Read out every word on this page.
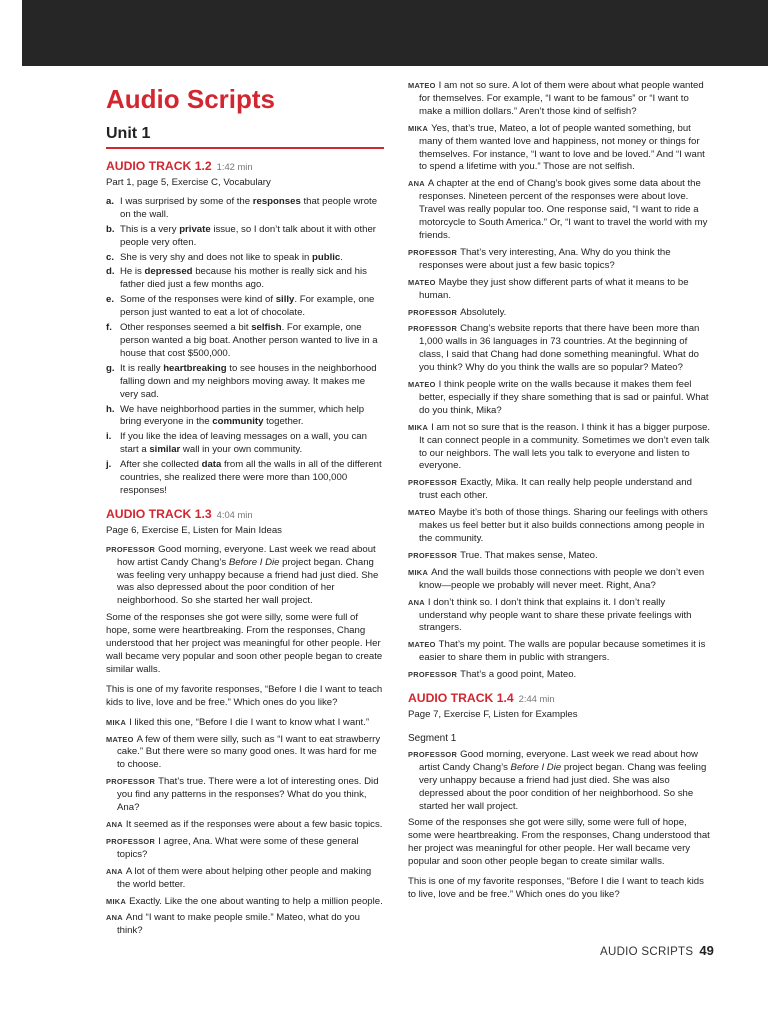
Audio Scripts
Unit 1
AUDIO TRACK 1.2 1:42 min
Part 1, page 5, Exercise C, Vocabulary
a. I was surprised by some of the responses that people wrote on the wall.
b. This is a very private issue, so I don’t talk about it with other people very often.
c. She is very shy and does not like to speak in public.
d. He is depressed because his mother is really sick and his father died just a few months ago.
e. Some of the responses were kind of silly. For example, one person just wanted to eat a lot of chocolate.
f. Other responses seemed a bit selfish. For example, one person wanted a big boat. Another person wanted to live in a house that cost $500,000.
g. It is really heartbreaking to see houses in the neighborhood falling down and my neighbors moving away. It makes me very sad.
h. We have neighborhood parties in the summer, which help bring everyone in the community together.
i. If you like the idea of leaving messages on a wall, you can start a similar wall in your own community.
j. After she collected data from all the walls in all of the different countries, she realized there were more than 100,000 responses!
AUDIO TRACK 1.3 4:04 min
Page 6, Exercise E, Listen for Main Ideas
PROFESSOR Good morning, everyone. Last week we read about how artist Candy Chang’s Before I Die project began. Chang was feeling very unhappy because a friend had just died. She was also depressed about the poor condition of her neighborhood. So she started her wall project.
Some of the responses she got were silly, some were full of hope, some were heartbreaking. From the responses, Chang understood that her project was meaningful for other people. Her wall became very popular and soon other people began to create similar walls.
This is one of my favorite responses, “Before I die I want to teach kids to live, love and be free.” Which ones do you like?
MIKA I liked this one, “Before I die I want to know what I want.”
MATEO A few of them were silly, such as “I want to eat strawberry cake.” But there were so many good ones. It was hard for me to choose.
PROFESSOR That’s true. There were a lot of interesting ones. Did you find any patterns in the responses? What do you think, Ana?
ANA It seemed as if the responses were about a few basic topics.
PROFESSOR I agree, Ana. What were some of these general topics?
ANA A lot of them were about helping other people and making the world better.
MIKA Exactly. Like the one about wanting to help a million people.
ANA And “I want to make people smile.” Mateo, what do you think?
MATEO I am not so sure. A lot of them were about what people wanted for themselves. For example, “I want to be famous” or “I want to make a million dollars.” Aren’t those kind of selfish?
MIKA Yes, that’s true, Mateo, a lot of people wanted something, but many of them wanted love and happiness, not money or things for themselves. For instance, “I want to love and be loved.” And “I want to spend a lifetime with you.” Those are not selfish.
ANA A chapter at the end of Chang’s book gives some data about the responses. Nineteen percent of the responses were about love. Travel was really popular too. One response said, “I want to ride a motorcycle to South America.” Or, “I want to travel the world with my friends.
PROFESSOR That’s very interesting, Ana. Why do you think the responses were about just a few basic topics?
MATEO Maybe they just show different parts of what it means to be human.
PROFESSOR Absolutely.
PROFESSOR Chang’s website reports that there have been more than 1,000 walls in 36 languages in 73 countries. At the beginning of class, I said that Chang had done something meaningful. What do you think? Why do you think the walls are so popular? Mateo?
MATEO I think people write on the walls because it makes them feel better, especially if they share something that is sad or painful. What do you think, Mika?
MIKA I am not so sure that is the reason. I think it has a bigger purpose. It can connect people in a community. Sometimes we don’t even talk to our neighbors. The wall lets you talk to everyone and listen to everyone.
PROFESSOR Exactly, Mika. It can really help people understand and trust each other.
MATEO Maybe it’s both of those things. Sharing our feelings with others makes us feel better but it also builds connections among people in the community.
PROFESSOR True. That makes sense, Mateo.
MIKA And the wall builds those connections with people we don’t even know—people we probably will never meet. Right, Ana?
ANA I don’t think so. I don’t think that explains it. I don’t really understand why people want to share these private feelings with strangers.
MATEO That’s my point. The walls are popular because sometimes it is easier to share them in public with strangers.
PROFESSOR That’s a good point, Mateo.
AUDIO TRACK 1.4 2:44 min
Page 7, Exercise F, Listen for Examples
Segment 1
PROFESSOR Good morning, everyone. Last week we read about how artist Candy Chang’s Before I Die project began. Chang was feeling very unhappy because a friend had just died. She was also depressed about the poor condition of her neighborhood. So she started her wall project.
Some of the responses she got were silly, some were full of hope, some were heartbreaking. From the responses, Chang understood that her project was meaningful for other people. Her wall became very popular and soon other people began to create similar walls.
This is one of my favorite responses, “Before I die I want to teach kids to live, love and be free.” Which ones do you like?
AUDIO SCRIPTS 49
